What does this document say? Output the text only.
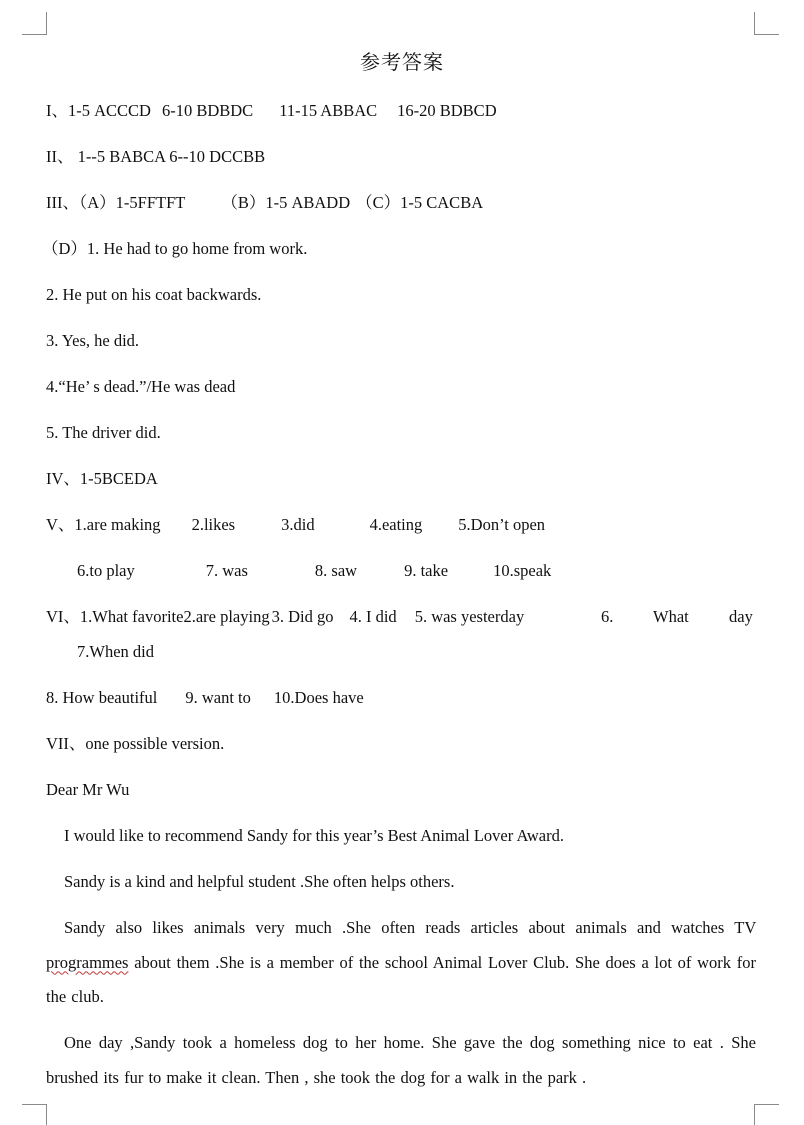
参考答案
I、1-5 ACCCD 6-10 BDBDC 11-15 ABBAC 16-20 BDBCD
II、 1--5 BABCA 6--10 DCCBB
III、（A）1-5FFTFT （B）1-5 ABADD （C）1-5 CACBA
（D）1. He had to go home from work.
2. He put on his coat backwards.
3. Yes, he did.
4.“He’ s dead.”/He was dead
5. The driver did.
IV、1-5BCEDA
V、1.are making 2.likes	3.did	4.eating 5.Don’t open
6.to play	7. was	8. saw	9. take	10.speak
VI、1.What favorite2.are playing 3. Did go 4. I did 5. was yesterday	6. What day
7.When did
8. How beautiful 9. want to 10.Does have
VII、one possible version.
Dear Mr Wu
I would like to recommend Sandy for this year’s Best Animal Lover Award.
Sandy is a kind and helpful student .She often helps others.
Sandy also likes animals very much .She often reads articles about animals and watches TV programmes about them .She is a member of the school Animal Lover Club. She does a lot of work for the club.
One day ,Sandy took a homeless dog to her home. She gave the dog something nice to eat . She brushed its fur to make it clean. Then , she took the dog for a walk in the park .
